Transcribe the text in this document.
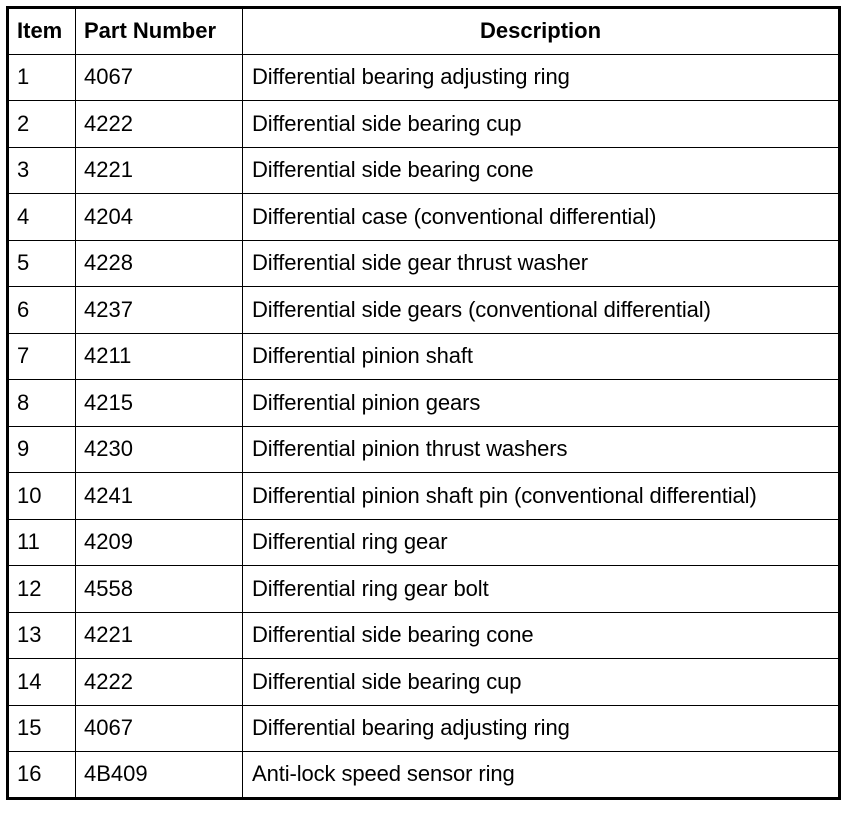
Item	Part Number	Description
1	4067	Differential bearing adjusting ring
2	4222	Differential side bearing cup
3	4221	Differential side bearing cone
4	4204	Differential case (conventional differential)
5	4228	Differential side gear thrust washer
6	4237	Differential side gears (conventional differential)
7	4211	Differential pinion shaft
8	4215	Differential pinion gears
9	4230	Differential pinion thrust washers
10	4241	Differential pinion shaft pin (conventional differential)
11	4209	Differential ring gear
12	4558	Differential ring gear bolt
13	4221	Differential side bearing cone
14	4222	Differential side bearing cup
15	4067	Differential bearing adjusting ring
16	4B409	Anti-lock speed sensor ring
